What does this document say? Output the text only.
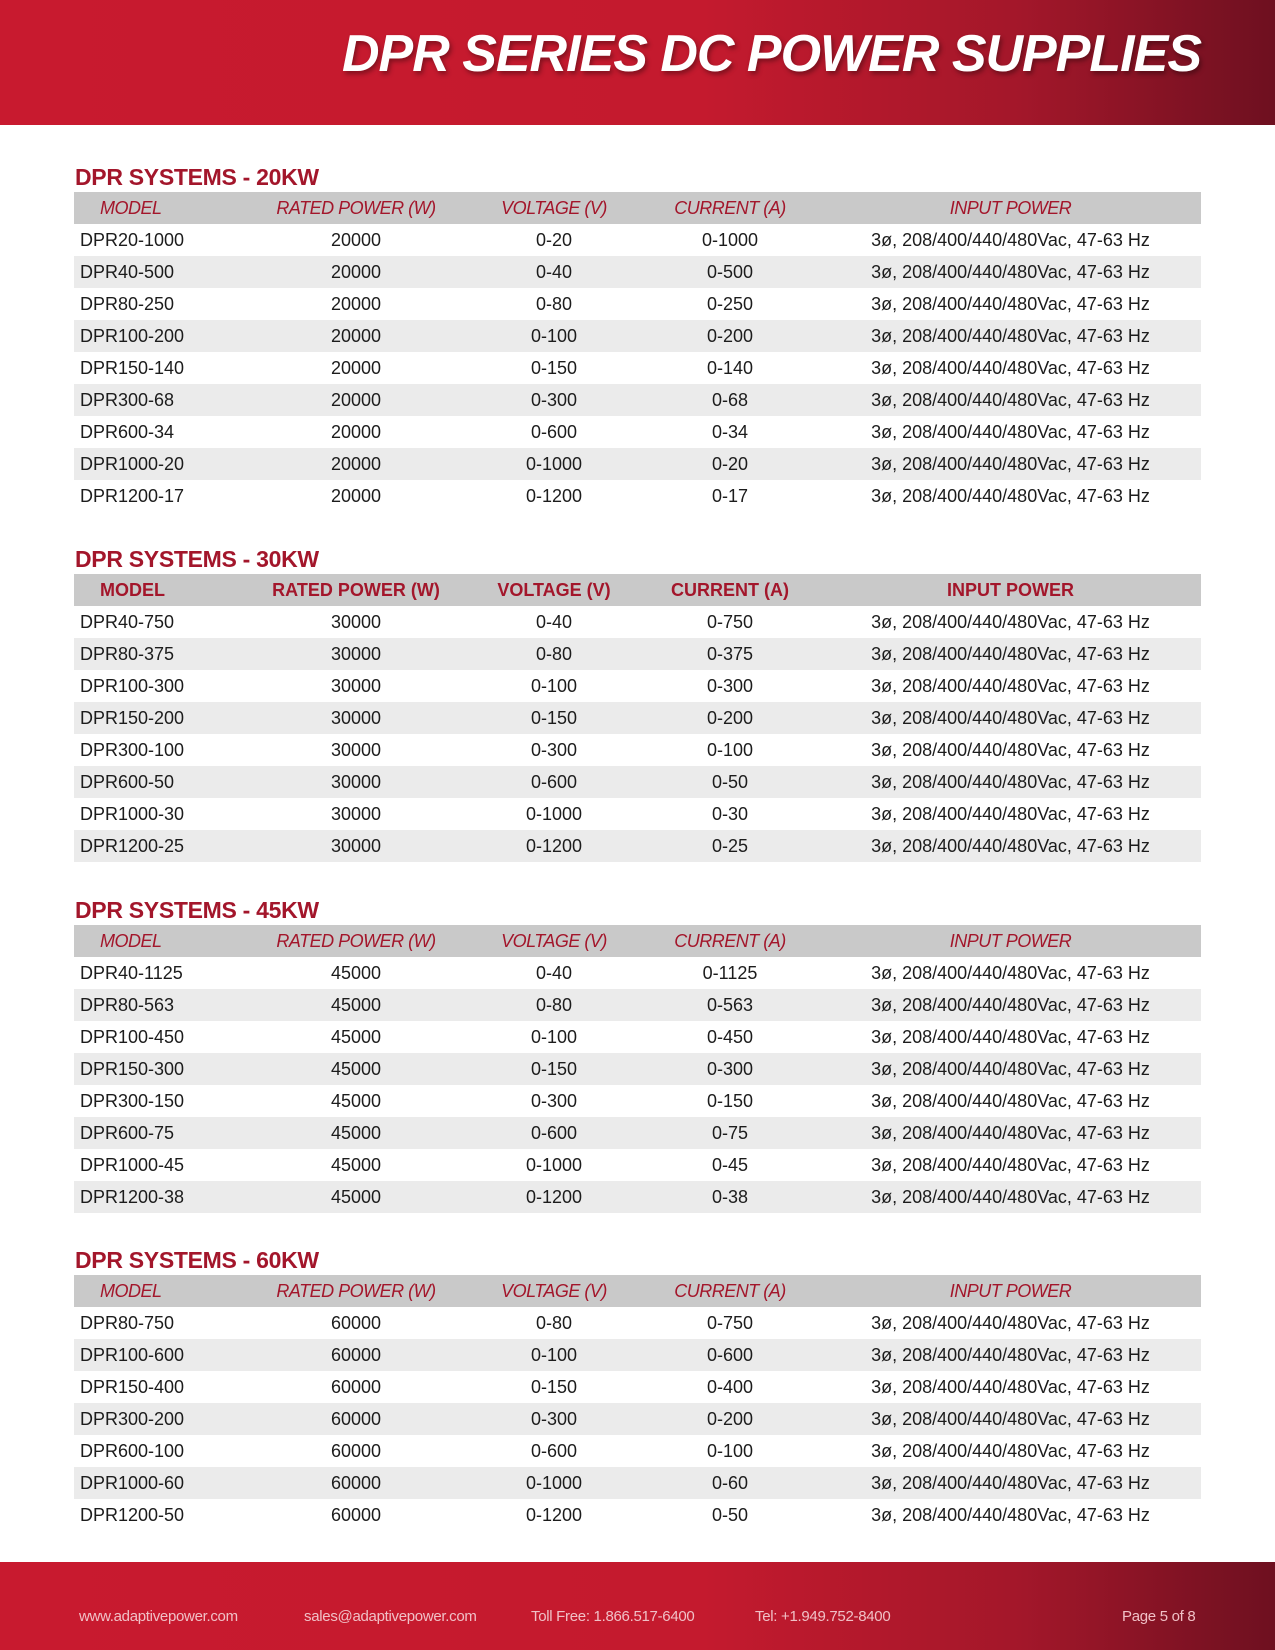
DPR SERIES DC POWER SUPPLIES
DPR SYSTEMS - 20KW
MODEL	RATED POWER (W)	VOLTAGE (V)	CURRENT (A)	INPUT POWER
DPR20-1000	20000	0-20	0-1000	3ø, 208/400/440/480Vac, 47-63 Hz
DPR40-500	20000	0-40	0-500	3ø, 208/400/440/480Vac, 47-63 Hz
DPR80-250	20000	0-80	0-250	3ø, 208/400/440/480Vac, 47-63 Hz
DPR100-200	20000	0-100	0-200	3ø, 208/400/440/480Vac, 47-63 Hz
DPR150-140	20000	0-150	0-140	3ø, 208/400/440/480Vac, 47-63 Hz
DPR300-68	20000	0-300	0-68	3ø, 208/400/440/480Vac, 47-63 Hz
DPR600-34	20000	0-600	0-34	3ø, 208/400/440/480Vac, 47-63 Hz
DPR1000-20	20000	0-1000	0-20	3ø, 208/400/440/480Vac, 47-63 Hz
DPR1200-17	20000	0-1200	0-17	3ø, 208/400/440/480Vac, 47-63 Hz
DPR SYSTEMS - 30KW
MODEL	RATED POWER (W)	VOLTAGE (V)	CURRENT (A)	INPUT POWER
DPR40-750	30000	0-40	0-750	3ø, 208/400/440/480Vac, 47-63 Hz
DPR80-375	30000	0-80	0-375	3ø, 208/400/440/480Vac, 47-63 Hz
DPR100-300	30000	0-100	0-300	3ø, 208/400/440/480Vac, 47-63 Hz
DPR150-200	30000	0-150	0-200	3ø, 208/400/440/480Vac, 47-63 Hz
DPR300-100	30000	0-300	0-100	3ø, 208/400/440/480Vac, 47-63 Hz
DPR600-50	30000	0-600	0-50	3ø, 208/400/440/480Vac, 47-63 Hz
DPR1000-30	30000	0-1000	0-30	3ø, 208/400/440/480Vac, 47-63 Hz
DPR1200-25	30000	0-1200	0-25	3ø, 208/400/440/480Vac, 47-63 Hz
DPR SYSTEMS - 45KW
MODEL	RATED POWER (W)	VOLTAGE (V)	CURRENT (A)	INPUT POWER
DPR40-1125	45000	0-40	0-1125	3ø, 208/400/440/480Vac, 47-63 Hz
DPR80-563	45000	0-80	0-563	3ø, 208/400/440/480Vac, 47-63 Hz
DPR100-450	45000	0-100	0-450	3ø, 208/400/440/480Vac, 47-63 Hz
DPR150-300	45000	0-150	0-300	3ø, 208/400/440/480Vac, 47-63 Hz
DPR300-150	45000	0-300	0-150	3ø, 208/400/440/480Vac, 47-63 Hz
DPR600-75	45000	0-600	0-75	3ø, 208/400/440/480Vac, 47-63 Hz
DPR1000-45	45000	0-1000	0-45	3ø, 208/400/440/480Vac, 47-63 Hz
DPR1200-38	45000	0-1200	0-38	3ø, 208/400/440/480Vac, 47-63 Hz
DPR SYSTEMS - 60KW
MODEL	RATED POWER (W)	VOLTAGE (V)	CURRENT (A)	INPUT POWER
DPR80-750	60000	0-80	0-750	3ø, 208/400/440/480Vac, 47-63 Hz
DPR100-600	60000	0-100	0-600	3ø, 208/400/440/480Vac, 47-63 Hz
DPR150-400	60000	0-150	0-400	3ø, 208/400/440/480Vac, 47-63 Hz
DPR300-200	60000	0-300	0-200	3ø, 208/400/440/480Vac, 47-63 Hz
DPR600-100	60000	0-600	0-100	3ø, 208/400/440/480Vac, 47-63 Hz
DPR1000-60	60000	0-1000	0-60	3ø, 208/400/440/480Vac, 47-63 Hz
DPR1200-50	60000	0-1200	0-50	3ø, 208/400/440/480Vac, 47-63 Hz
www.adaptivepower.com	sales@adaptivepower.com	Toll Free: 1.866.517-6400	Tel: +1.949.752-8400	Page 5 of 8
